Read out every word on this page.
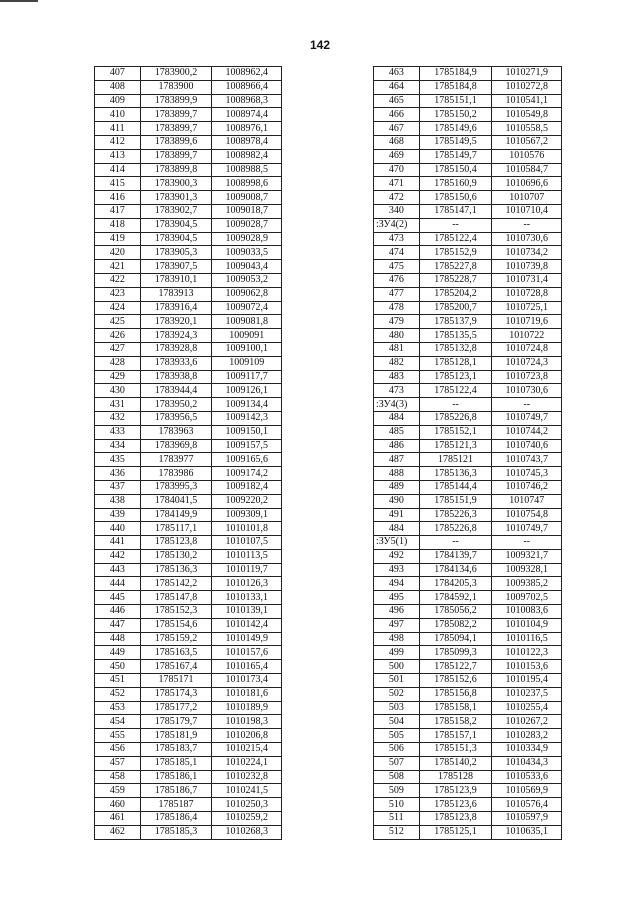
142
407	1783900,2	1008962,4
408	1783900	1008966,4
409	1783899,9	1008968,3
410	1783899,7	1008974,4
411	1783899,7	1008976,1
412	1783899,6	1008978,4
413	1783899,7	1008982,4
414	1783899,8	1008988,5
415	1783900,3	1008998,6
416	1783901,3	1009008,7
417	1783902,7	1009018,7
418	1783904,5	1009028,7
419	1783904,5	1009028,9
420	1783905,3	1009033,5
421	1783907,5	1009043,4
422	1783910,1	1009053,2
423	1783913	1009062,8
424	1783916,4	1009072,4
425	1783920,1	1009081,8
426	1783924,3	1009091
427	1783928,8	1009100,1
428	1783933,6	1009109
429	1783938,8	1009117,7
430	1783944,4	1009126,1
431	1783950,2	1009134,4
432	1783956,5	1009142,3
433	1783963	1009150,1
434	1783969,8	1009157,5
435	1783977	1009165,6
436	1783986	1009174,2
437	1783995,3	1009182,4
438	1784041,5	1009220,2
439	1784149,9	1009309,1
440	1785117,1	1010101,8
441	1785123,8	1010107,5
442	1785130,2	1010113,5
443	1785136,3	1010119,7
444	1785142,2	1010126,3
445	1785147,8	1010133,1
446	1785152,3	1010139,1
447	1785154,6	1010142,4
448	1785159,2	1010149,9
449	1785163,5	1010157,6
450	1785167,4	1010165,4
451	1785171	1010173,4
452	1785174,3	1010181,6
453	1785177,2	1010189,9
454	1785179,7	1010198,3
455	1785181,9	1010206,8
456	1785183,7	1010215,4
457	1785185,1	1010224,1
458	1785186,1	1010232,8
459	1785186,7	1010241,5
460	1785187	1010250,3
461	1785186,4	1010259,2
462	1785185,3	1010268,3
463	1785184,9	1010271,9
464	1785184,8	1010272,8
465	1785151,1	1010541,1
466	1785150,2	1010549,8
467	1785149,6	1010558,5
468	1785149,5	1010567,2
469	1785149,7	1010576
470	1785150,4	1010584,7
471	1785160,9	1010696,6
472	1785150,6	1010707
340	1785147,1	1010710,4
:ЗУ4(2)	--	--
473	1785122,4	1010730,6
474	1785152,9	1010734,2
475	1785227,8	1010739,8
476	1785228,7	1010731,4
477	1785204,2	1010728,8
478	1785200,7	1010725,1
479	1785137,9	1010719,6
480	1785135,5	1010722
481	1785132,8	1010724,8
482	1785128,1	1010724,3
483	1785123,1	1010723,8
473	1785122,4	1010730,6
:ЗУ4(3)	--	--
484	1785226,8	1010749,7
485	1785152,1	1010744,2
486	1785121,3	1010740,6
487	1785121	1010743,7
488	1785136,3	1010745,3
489	1785144,4	1010746,2
490	1785151,9	1010747
491	1785226,3	1010754,8
484	1785226,8	1010749,7
:ЗУ5(1)	--	--
492	1784139,7	1009321,7
493	1784134,6	1009328,1
494	1784205,3	1009385,2
495	1784592,1	1009702,5
496	1785056,2	1010083,6
497	1785082,2	1010104,9
498	1785094,1	1010116,5
499	1785099,3	1010122,3
500	1785122,7	1010153,6
501	1785152,6	1010195,4
502	1785156,8	1010237,5
503	1785158,1	1010255,4
504	1785158,2	1010267,2
505	1785157,1	1010283,2
506	1785151,3	1010334,9
507	1785140,2	1010434,3
508	1785128	1010533,6
509	1785123,9	1010569,9
510	1785123,6	1010576,4
511	1785123,8	1010597,9
512	1785125,1	1010635,1
